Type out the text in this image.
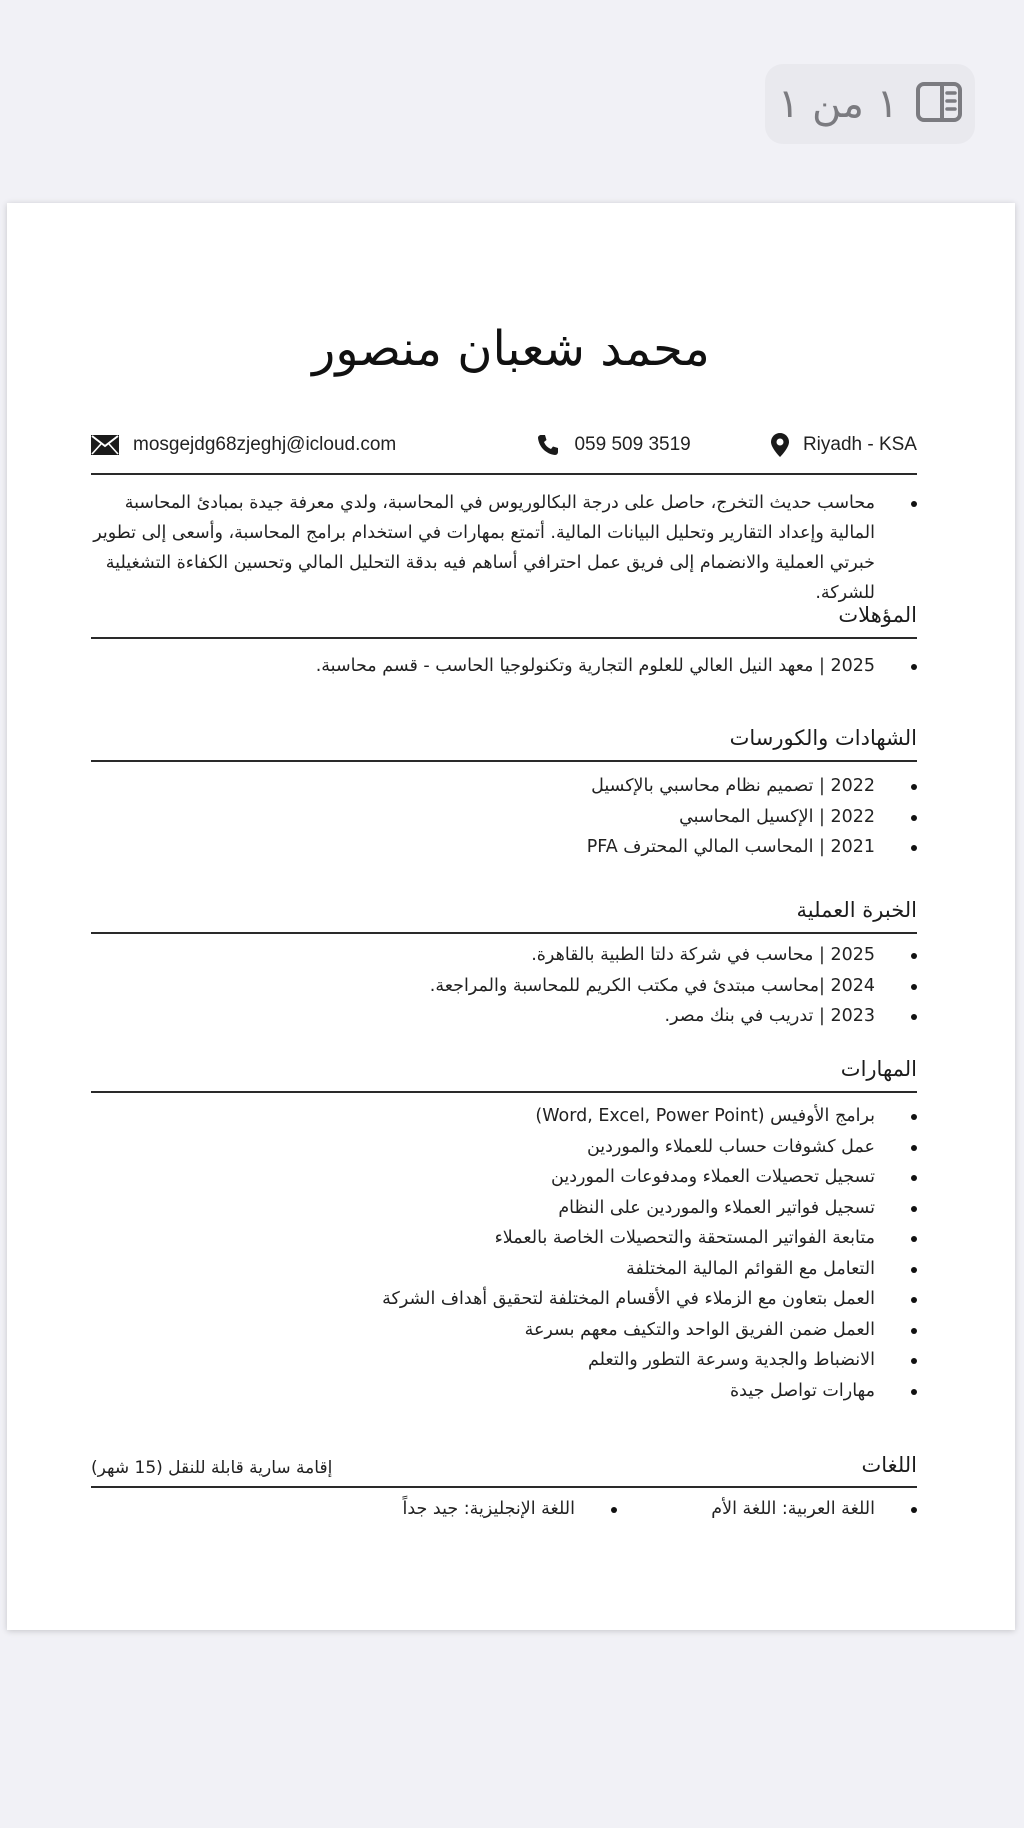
١ من ١
محمد شعبان منصور
mosgejdg68zjeghj@icloud.com	059 509 3519	Riyadh - KSA
محاسب حديث التخرج، حاصل على درجة البكالوريوس في المحاسبة، ولدي معرفة جيدة بمبادئ المحاسبة المالية وإعداد التقارير وتحليل البيانات المالية. أتمتع بمهارات في استخدام برامج المحاسبة، وأسعى إلى تطوير خبرتي العملية والانضمام إلى فريق عمل احترافي أساهم فيه بدقة التحليل المالي وتحسين الكفاءة التشغيلية للشركة.
المؤهلات
2025 | معهد النيل العالي للعلوم التجارية وتكنولوجيا الحاسب - قسم محاسبة.
الشهادات والكورسات
2022 | تصميم نظام محاسبي بالإكسيل
2022 | الإكسيل المحاسبي
2021 | المحاسب المالي المحترف PFA
الخبرة العملية
2025 | محاسب في شركة دلتا الطبية بالقاهرة.
2024 |محاسب مبتدئ في مكتب الكريم للمحاسبة والمراجعة.
2023 | تدريب في بنك مصر.
المهارات
برامج الأوفيس (Word, Excel, Power Point)
عمل كشوفات حساب للعملاء والموردين
تسجيل تحصيلات العملاء ومدفوعات الموردين
تسجيل فواتير العملاء والموردين على النظام
متابعة الفواتير المستحقة والتحصيلات الخاصة بالعملاء
التعامل مع القوائم المالية المختلفة
العمل بتعاون مع الزملاء في الأقسام المختلفة لتحقيق أهداف الشركة
العمل ضمن الفريق الواحد والتكيف معهم بسرعة
الانضباط والجدية وسرعة التطور والتعلم
مهارات تواصل جيدة
اللغات
إقامة سارية قابلة للنقل (15 شهر)
اللغة العربية: اللغة الأم
اللغة الإنجليزية: جيد جداً
